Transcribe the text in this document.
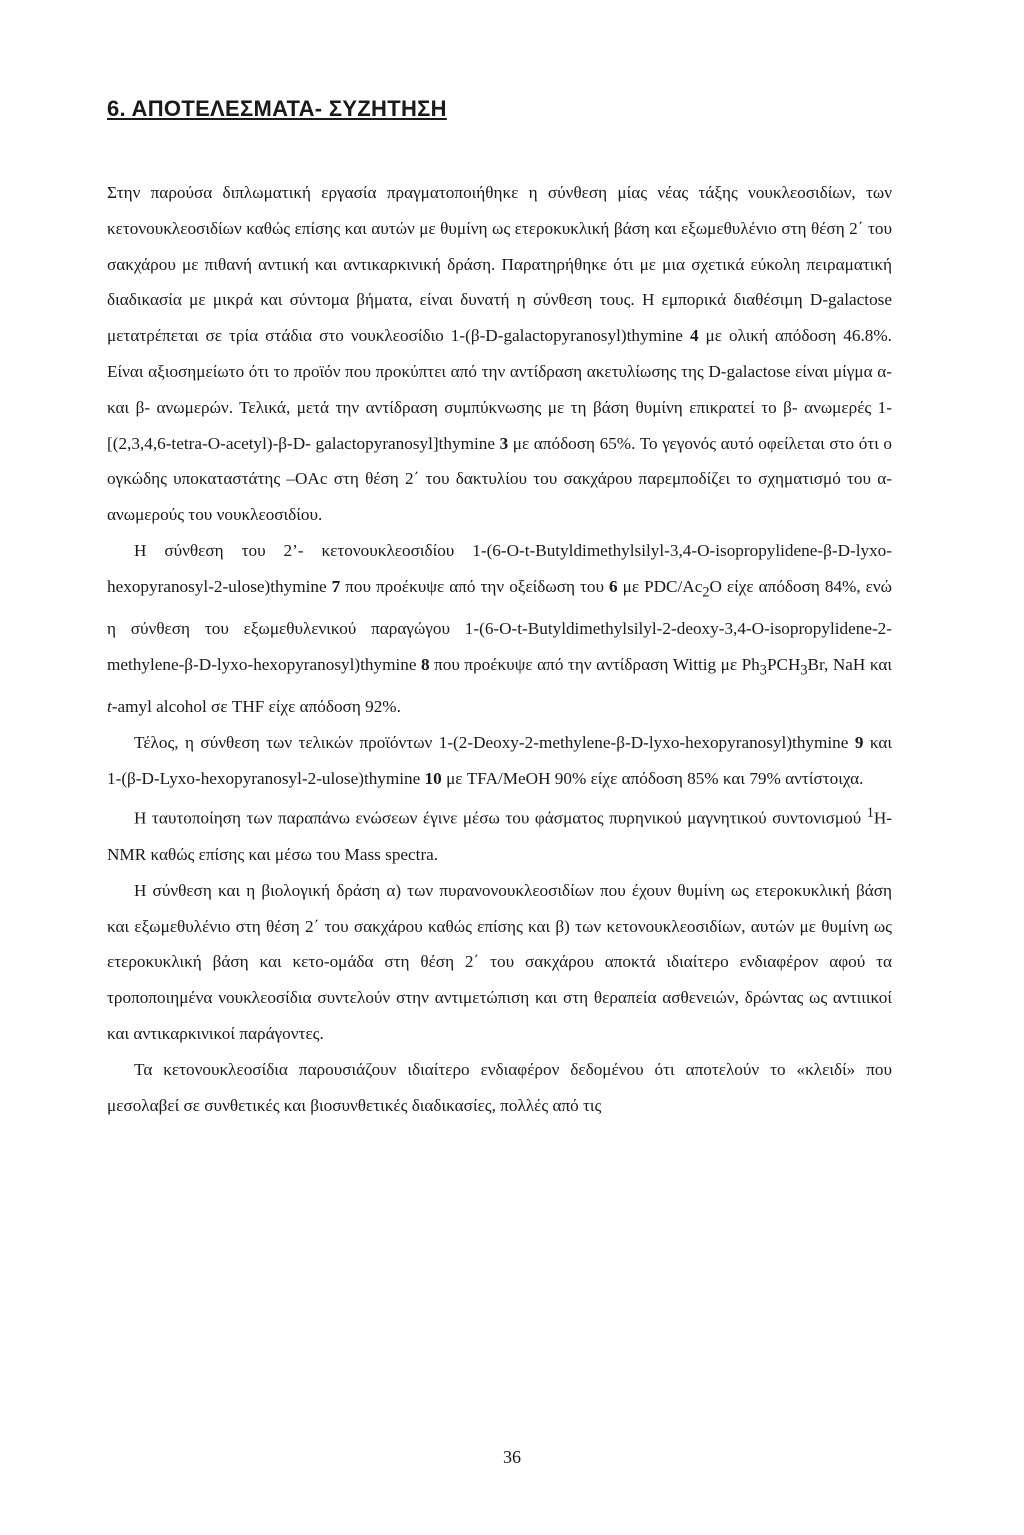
6. ΑΠΟΤΕΛΕΣΜΑΤΑ- ΣΥΖΗΤΗΣΗ

Στην παρούσα διπλωματική εργασία πραγματοποιήθηκε η σύνθεση μίας νέας τάξης νουκλεοσιδίων, των κετονουκλεοσιδίων καθώς επίσης και αυτών με θυμίνη ως ετεροκυκλική βάση και εξωμεθυλένιο στη θέση 2΄ του σακχάρου με πιθανή αντιική και αντικαρκινική δράση. Παρατηρήθηκε ότι με μια σχετικά εύκολη πειραματική διαδικασία με μικρά και σύντομα βήματα, είναι δυνατή η σύνθεση τους. Η εμπορικά διαθέσιμη D-galactose μετατρέπεται σε τρία στάδια στο νουκλεοσίδιο 1-(β-D-galactopyranosyl)thymine 4 με ολική απόδοση 46.8%. Είναι αξιοσημείωτο ότι το προϊόν που προκύπτει από την αντίδραση ακετυλίωσης της D-galactose είναι μίγμα α- και β- ανωμερών. Τελικά, μετά την αντίδραση συμπύκνωσης με τη βάση θυμίνη επικρατεί το β- ανωμερές 1-[(2,3,4,6-tetra-O-acetyl)-β-D- galactopyranosyl]thymine 3 με απόδοση 65%. Το γεγονός αυτό οφείλεται στο ότι ο ογκώδης υποκαταστάτης –OAc στη θέση 2΄ του δακτυλίου του σακχάρου παρεμποδίζει το σχηματισμό του α- ανωμερούς του νουκλεοσιδίου.

Η σύνθεση του 2’- κετονουκλεοσιδίου 1-(6-O-t-Butyldimethylsilyl-3,4-O-isopropylidene-β-D-lyxo-hexopyranosyl-2-ulose)thymine 7 που προέκυψε από την οξείδωση του 6 με PDC/$Ac_2O$ είχε απόδοση 84%, ενώ η σύνθεση του εξωμεθυλενικού παραγώγου 1-(6-O-t-Butyldimethylsilyl-2-deoxy-3,4-O-isopropylidene-2-methylene-β-D-lyxo-hexopyranosyl)thymine 8 που προέκυψε από την αντίδραση Wittig με $Ph_3PCH_3Br$, NaH και t-amyl alcohol σε THF είχε απόδοση 92%.

Τέλος, η σύνθεση των τελικών προϊόντων 1-(2-Deoxy-2-methylene-β-D-lyxo-hexopyranosyl)thymine 9 και 1-(β-D-Lyxo-hexopyranosyl-2-ulose)thymine 10 με TFA/MeOH 90% είχε απόδοση 85% και 79% αντίστοιχα.

Η ταυτοποίηση των παραπάνω ενώσεων έγινε μέσω του φάσματος πυρηνικού μαγνητικού συντονισμού $^1$H-NMR καθώς επίσης και μέσω του Mass spectra.

Η σύνθεση και η βιολογική δράση α) των πυρανονουκλεοσιδίων που έχουν θυμίνη ως ετεροκυκλική βάση και εξωμεθυλένιο στη θέση 2΄ του σακχάρου καθώς επίσης και β) των κετονουκλεοσιδίων, αυτών με θυμίνη ως ετεροκυκλική βάση και κετο-ομάδα στη θέση 2΄ του σακχάρου αποκτά ιδιαίτερο ενδιαφέρον αφού τα τροποποιημένα νουκλεοσίδια συντελούν στην αντιμετώπιση και στη θεραπεία ασθενειών, δρώντας ως αντιιικοί και αντικαρκινικοί παράγοντες.

Τα κετονουκλεοσίδια παρουσιάζουν ιδιαίτερο ενδιαφέρον δεδομένου ότι αποτελούν το «κλειδί» που μεσολαβεί σε συνθετικές και βιοσυνθετικές διαδικασίες, πολλές από τις

36
